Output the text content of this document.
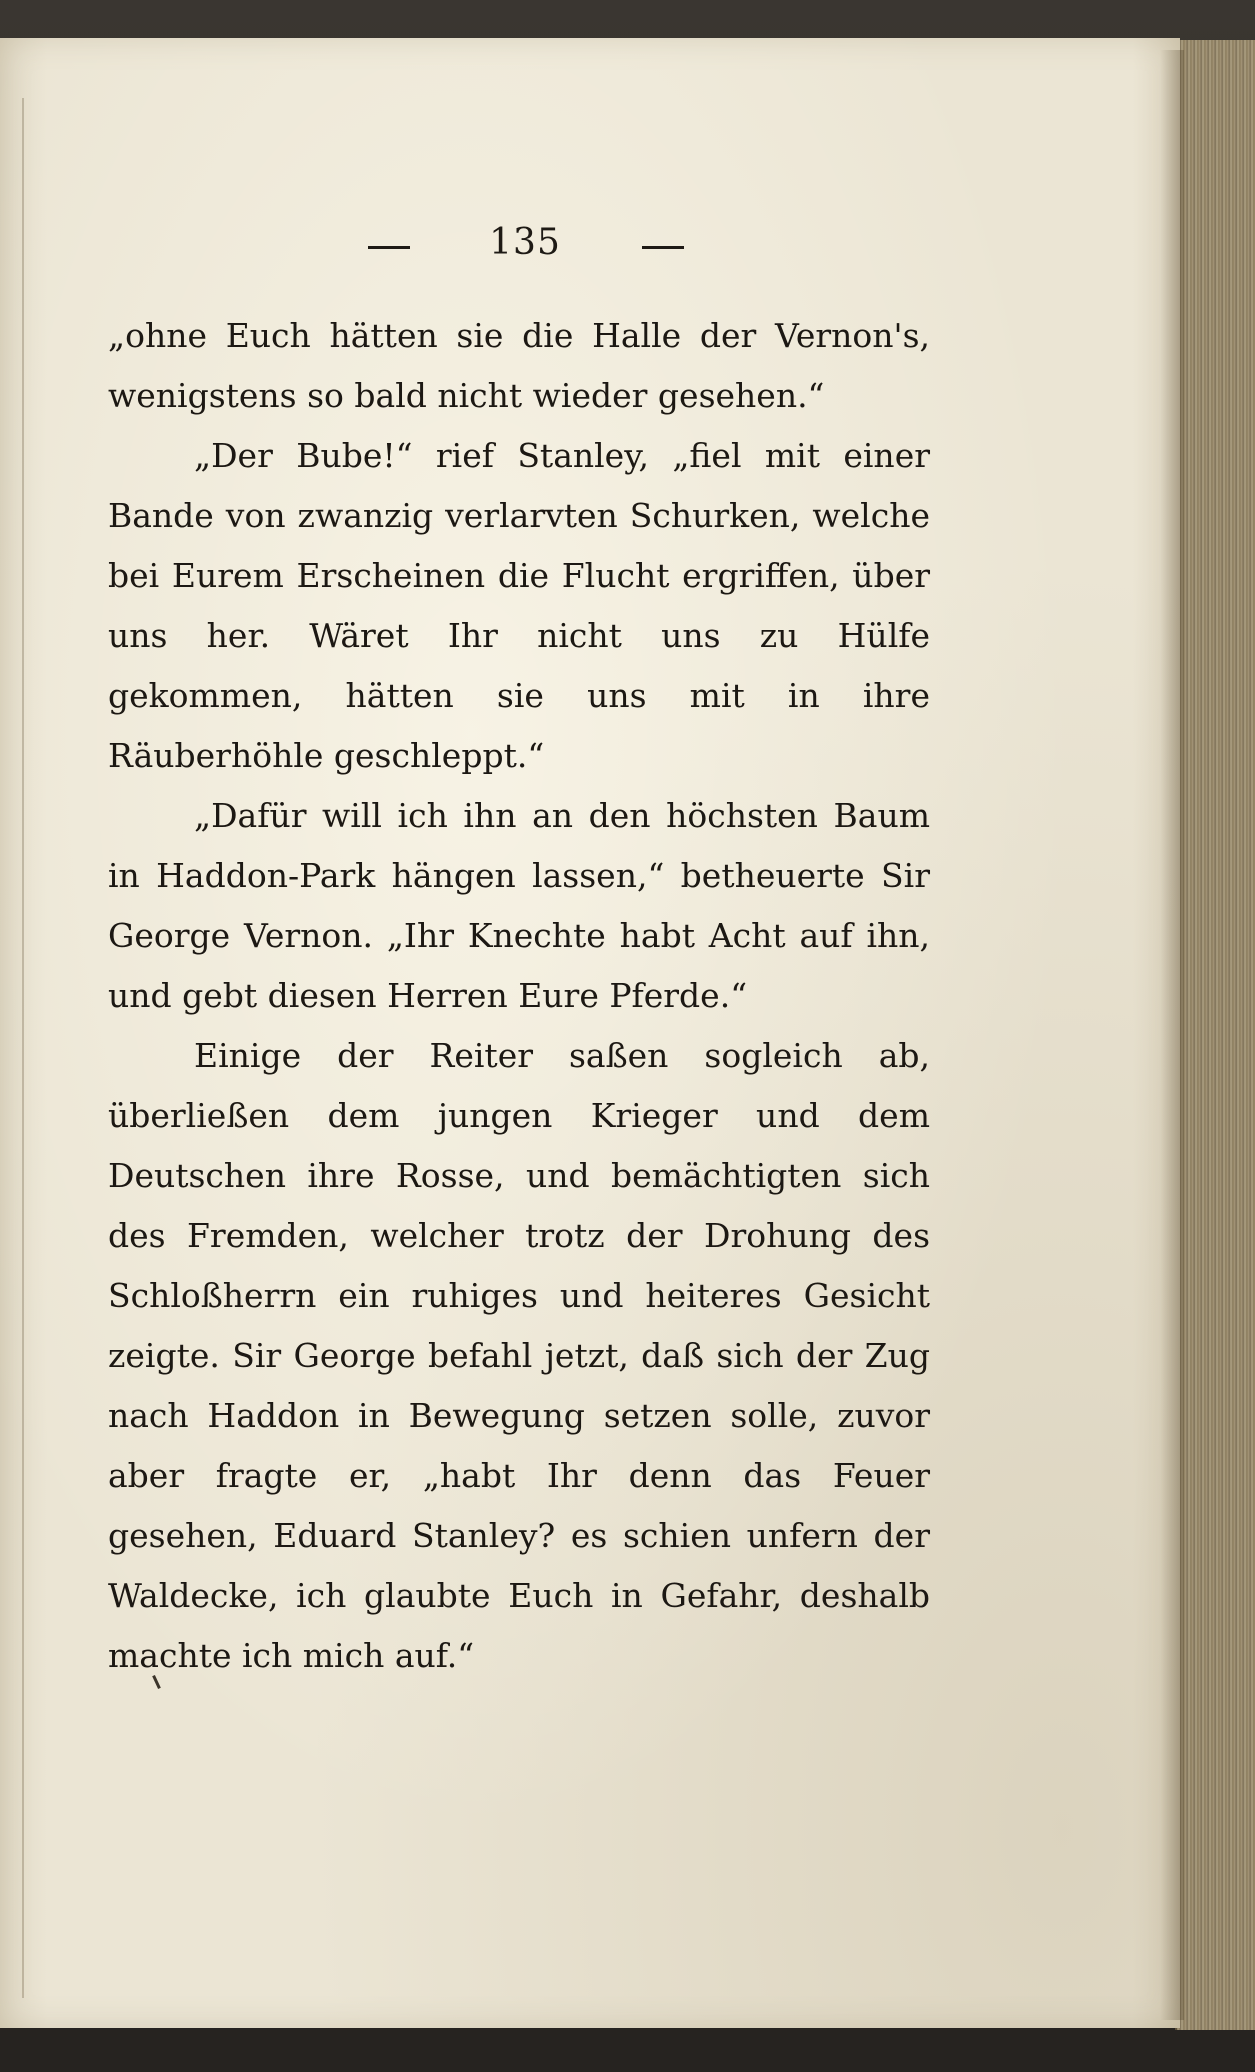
135

„ohne Euch hätten sie die Halle der Vernon's, wenigstens so bald nicht wieder gesehen.“

„Der Bube!“ rief Stanley, „fiel mit einer Bande von zwanzig verlarvten Schurken, welche bei Eurem Erscheinen die Flucht ergriffen, über uns her. Wäret Ihr nicht uns zu Hülfe gekommen, hätten sie uns mit in ihre Räuberhöhle geschleppt.“

„Dafür will ich ihn an den höchsten Baum in Haddon-Park hängen lassen,“ betheuerte Sir George Vernon. „Ihr Knechte habt Acht auf ihn, und gebt diesen Herren Eure Pferde.“

Einige der Reiter saßen sogleich ab, überließen dem jungen Krieger und dem Deutschen ihre Rosse, und bemächtigten sich des Fremden, welcher trotz der Drohung des Schloßherrn ein ruhiges und heiteres Gesicht zeigte. Sir George befahl jetzt, daß sich der Zug nach Haddon in Bewegung setzen solle, zuvor aber fragte er, „habt Ihr denn das Feuer gesehen, Eduard Stanley? es schien unfern der Waldecke, ich glaubte Euch in Gefahr, deshalb machte ich mich auf.“
